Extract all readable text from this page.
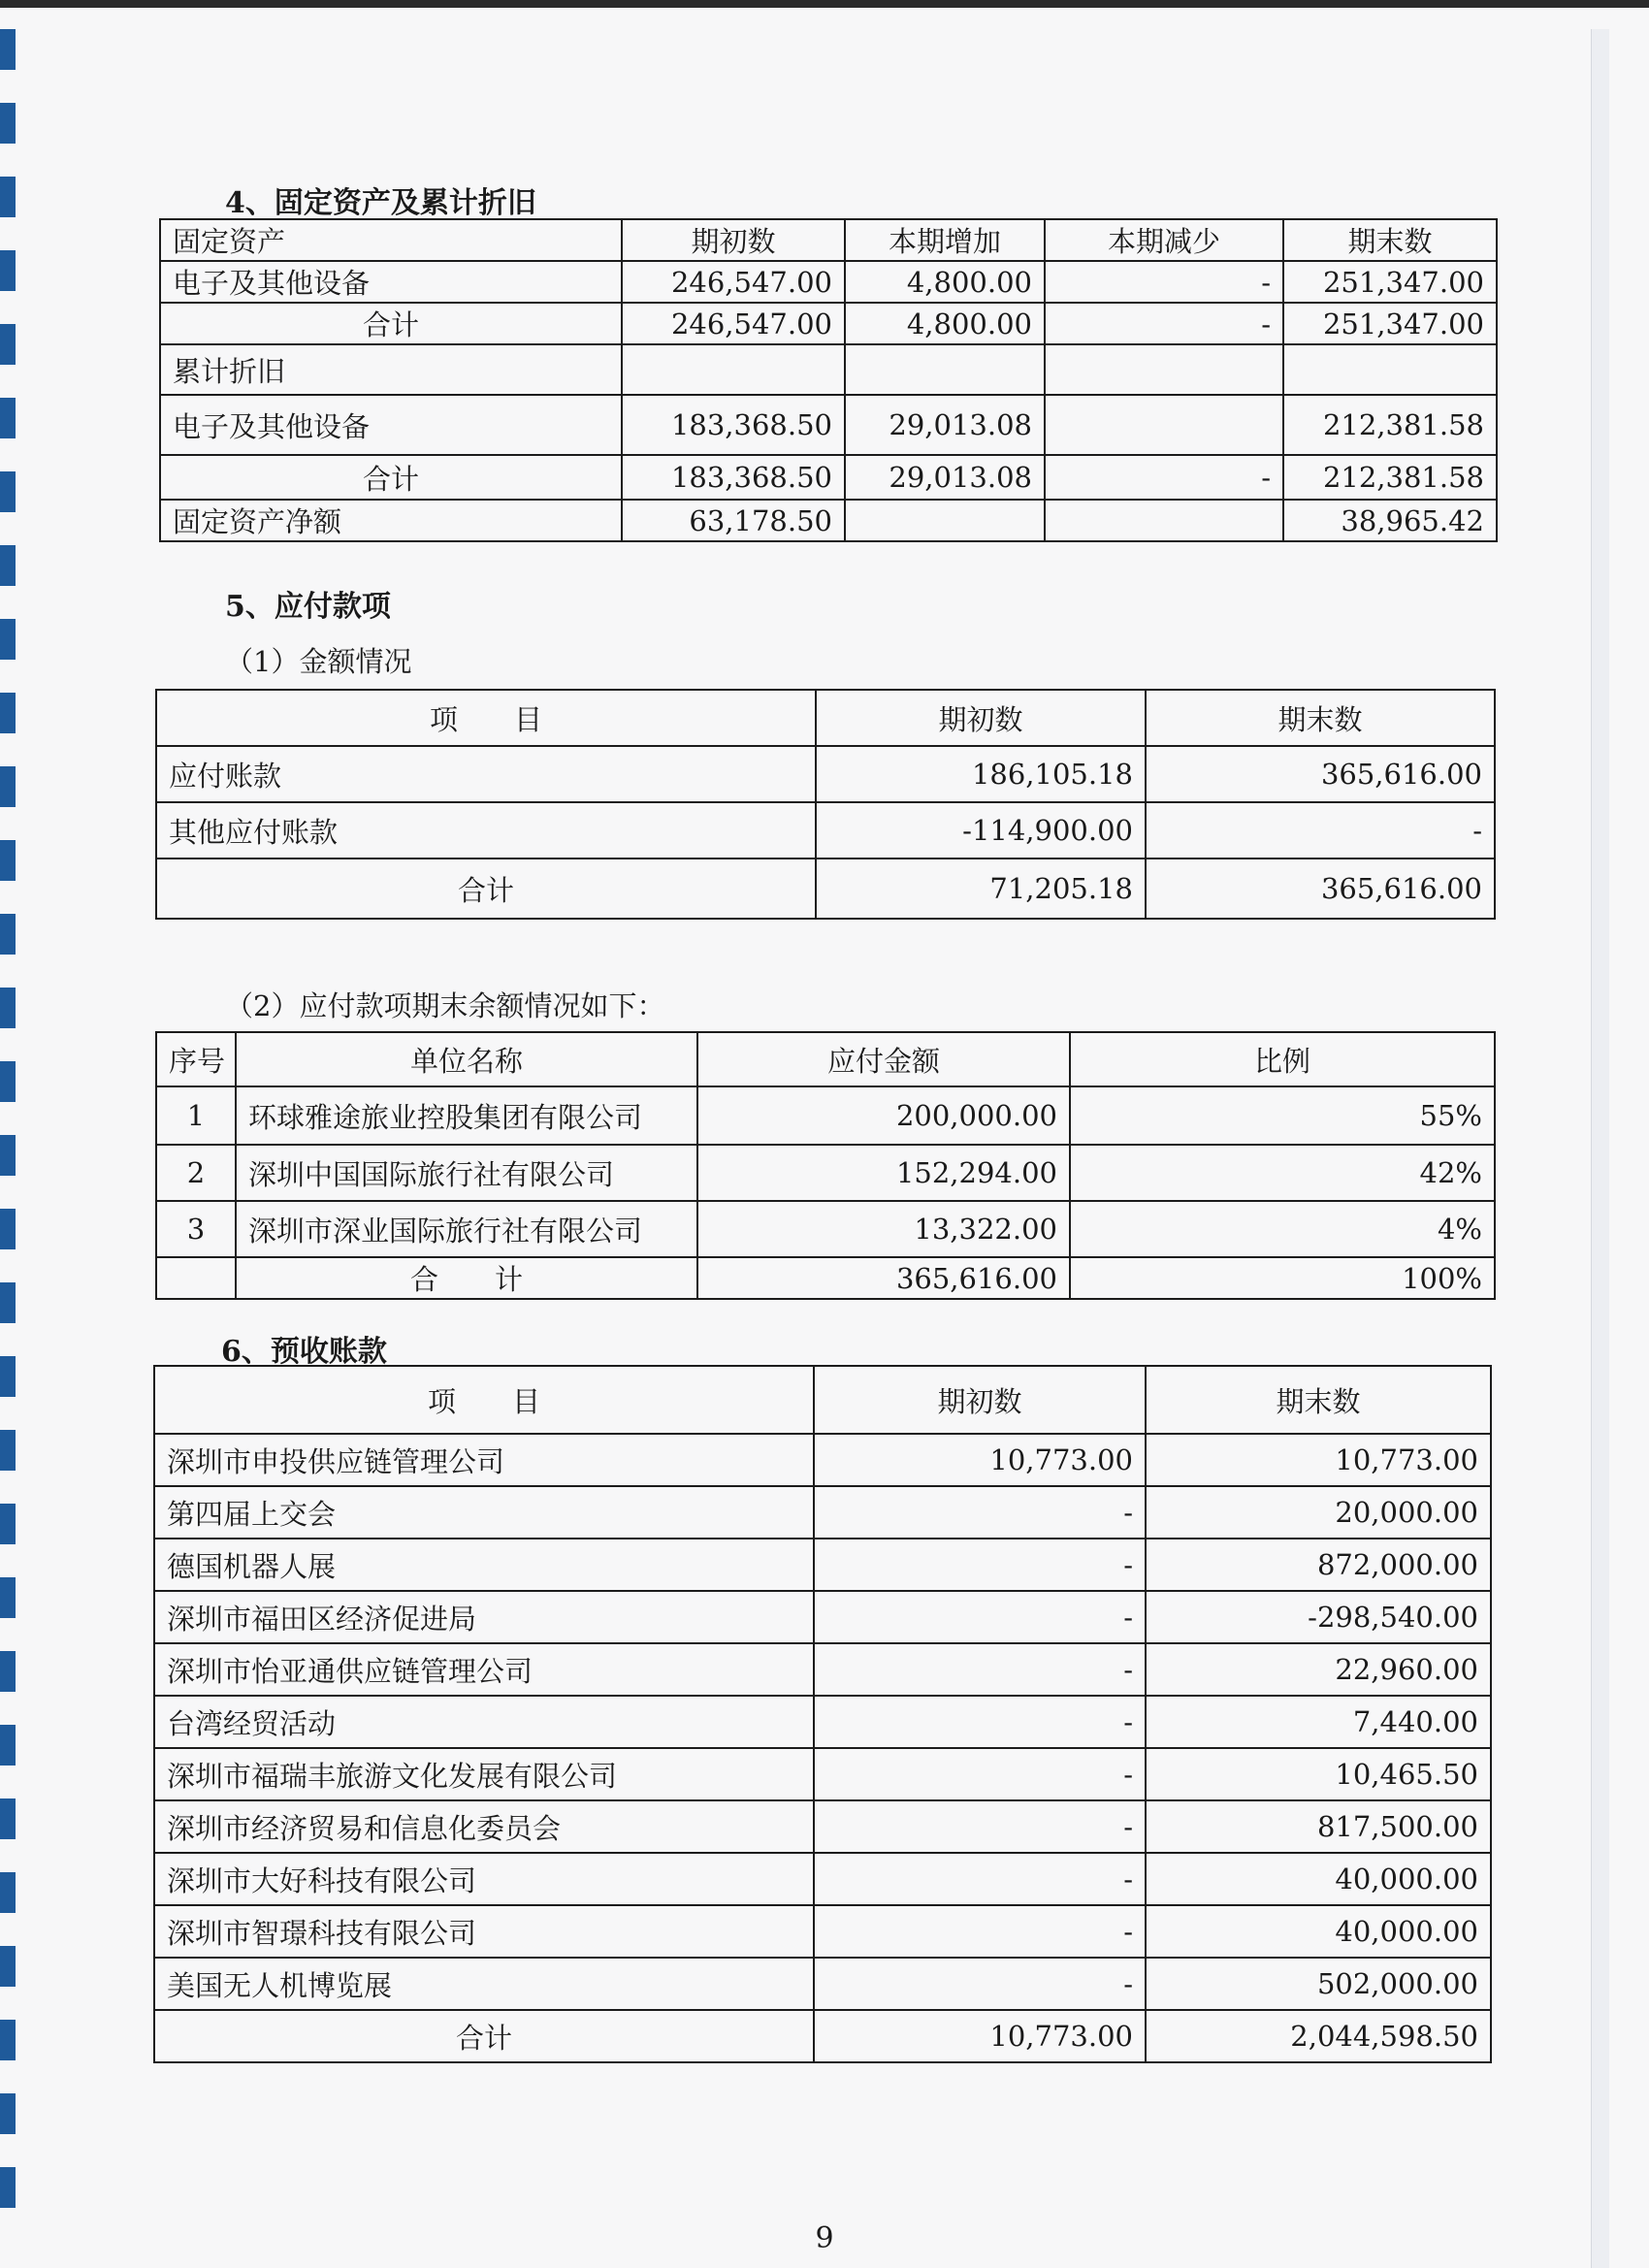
4、固定资产及累计折旧
固定资产	期初数	本期增加	本期减少	期末数
电子及其他设备	246,547.00	4,800.00	-	251,347.00
合计	246,547.00	4,800.00	-	251,347.00
累计折旧				
电子及其他设备	183,368.50	29,013.08		212,381.58
合计	183,368.50	29,013.08	-	212,381.58
固定资产净额	63,178.50			38,965.42
5、应付款项

（1）金额情况

项　　目	期初数	期末数
应付账款	186,105.18	365,616.00
其他应付账款	-114,900.00	-
合计	71,205.18	365,616.00

（2）应付款项期末余额情况如下：

序号	单位名称	应付金额	比例
1	环球雅途旅业控股集团有限公司	200,000.00	55%
2	深圳中国国际旅行社有限公司	152,294.00	42%
3	深圳市深业国际旅行社有限公司	13,322.00	4%
	合　　计	365,616.00	100%
6、预收账款
项　　目	期初数	期末数
深圳市申投供应链管理公司	10,773.00	10,773.00
第四届上交会	-	20,000.00
德国机器人展	-	872,000.00
深圳市福田区经济促进局	-	-298,540.00
深圳市怡亚通供应链管理公司	-	22,960.00
台湾经贸活动	-	7,440.00
深圳市福瑞丰旅游文化发展有限公司	-	10,465.50
深圳市经济贸易和信息化委员会	-	817,500.00
深圳市大好科技有限公司	-	40,000.00
深圳市智璟科技有限公司	-	40,000.00
美国无人机博览展	-	502,000.00
合计	10,773.00	2,044,598.50
9
